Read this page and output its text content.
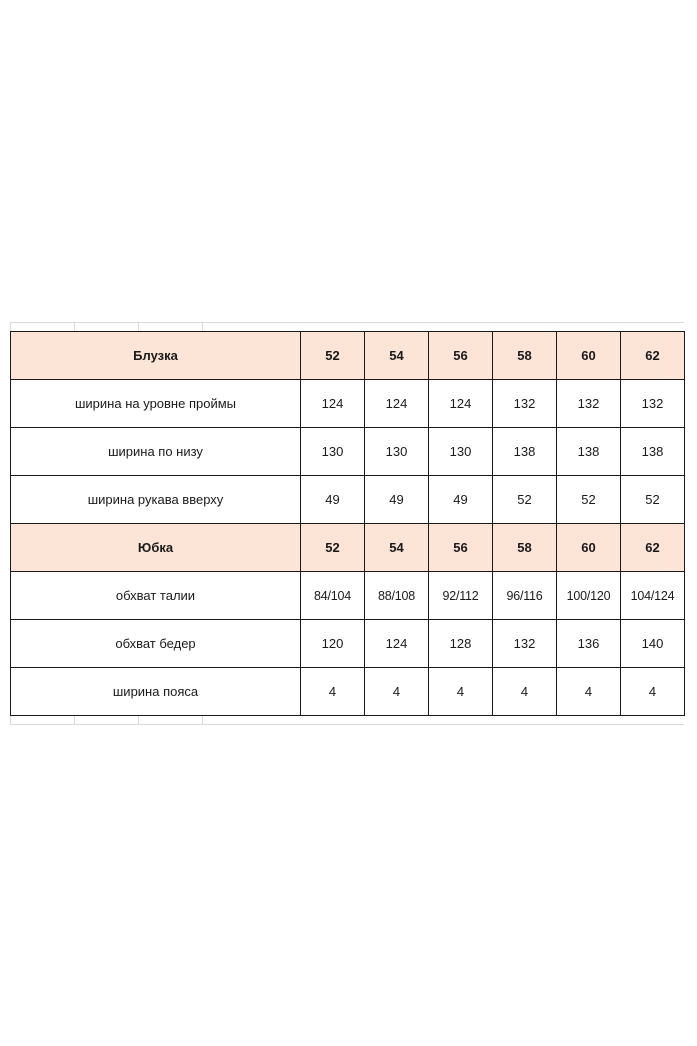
Блузка	52	54	56	58	60	62
ширина на уровне проймы	124	124	124	132	132	132
ширина по низу	130	130	130	138	138	138
ширина рукава вверху	49	49	49	52	52	52
Юбка	52	54	56	58	60	62
обхват талии	84/104	88/108	92/112	96/116	100/120	104/124
обхват бедер	120	124	128	132	136	140
ширина пояса	4	4	4	4	4	4
